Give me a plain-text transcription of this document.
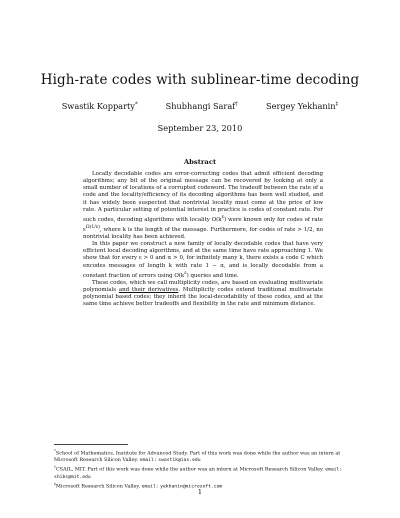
High-rate codes with sublinear-time decoding
Swastik Kopparty*	Shubhangi Saraf†	Sergey Yekhanin‡
September 23, 2010
Abstract

Locally decodable codes are error-correcting codes that admit efficient decoding algorithms; any bit of the original message can be recovered by looking at only a small number of locations of a corrupted codeword. The tradeoff between the rate of a code and the locality/efficiency of its decoding algorithms has been well studied, and it has widely been suspected that nontrivial locality must come at the price of low rate. A particular setting of potential interest in practice is codes of constant rate. For such codes, decoding algorithms with locality $O(k^\varepsilon)$ were known only for codes of rate $\varepsilon^{\Omega(1/\varepsilon)}$, where k is the length of the message. Furthermore, for codes of rate > 1/2, no nontrivial locality has been achieved.

In this paper we construct a new family of locally decodable codes that have very efficient local decoding algorithms, and at the same time have rate approaching 1. We show that for every ε > 0 and α > 0, for infinitely many k, there exists a code C which encodes messages of length k with rate 1 − α, and is locally decodable from a constant fraction of errors using $O(k^\varepsilon)$ queries and time.

These codes, which we call multiplicity codes, are based on evaluating multivariate polynomials and their derivatives. Multiplicity codes extend traditional multivariate polynomial based codes; they inherit the local-decodability of these codes, and at the same time achieve better tradeoffs and flexibility in the rate and minimum distance.

*School of Mathematics, Institute for Advanced Study. Part of this work was done while the author was an intern at Microsoft Research Silicon Valley. email: swastik@ias.edu

†CSAIL, MIT. Part of this work was done while the author was an intern at Microsoft Research Silicon Valley. email: shibs@mit.edu

‡Microsoft Research Silicon Valley. email: yekhanin@microsoft.com

1
